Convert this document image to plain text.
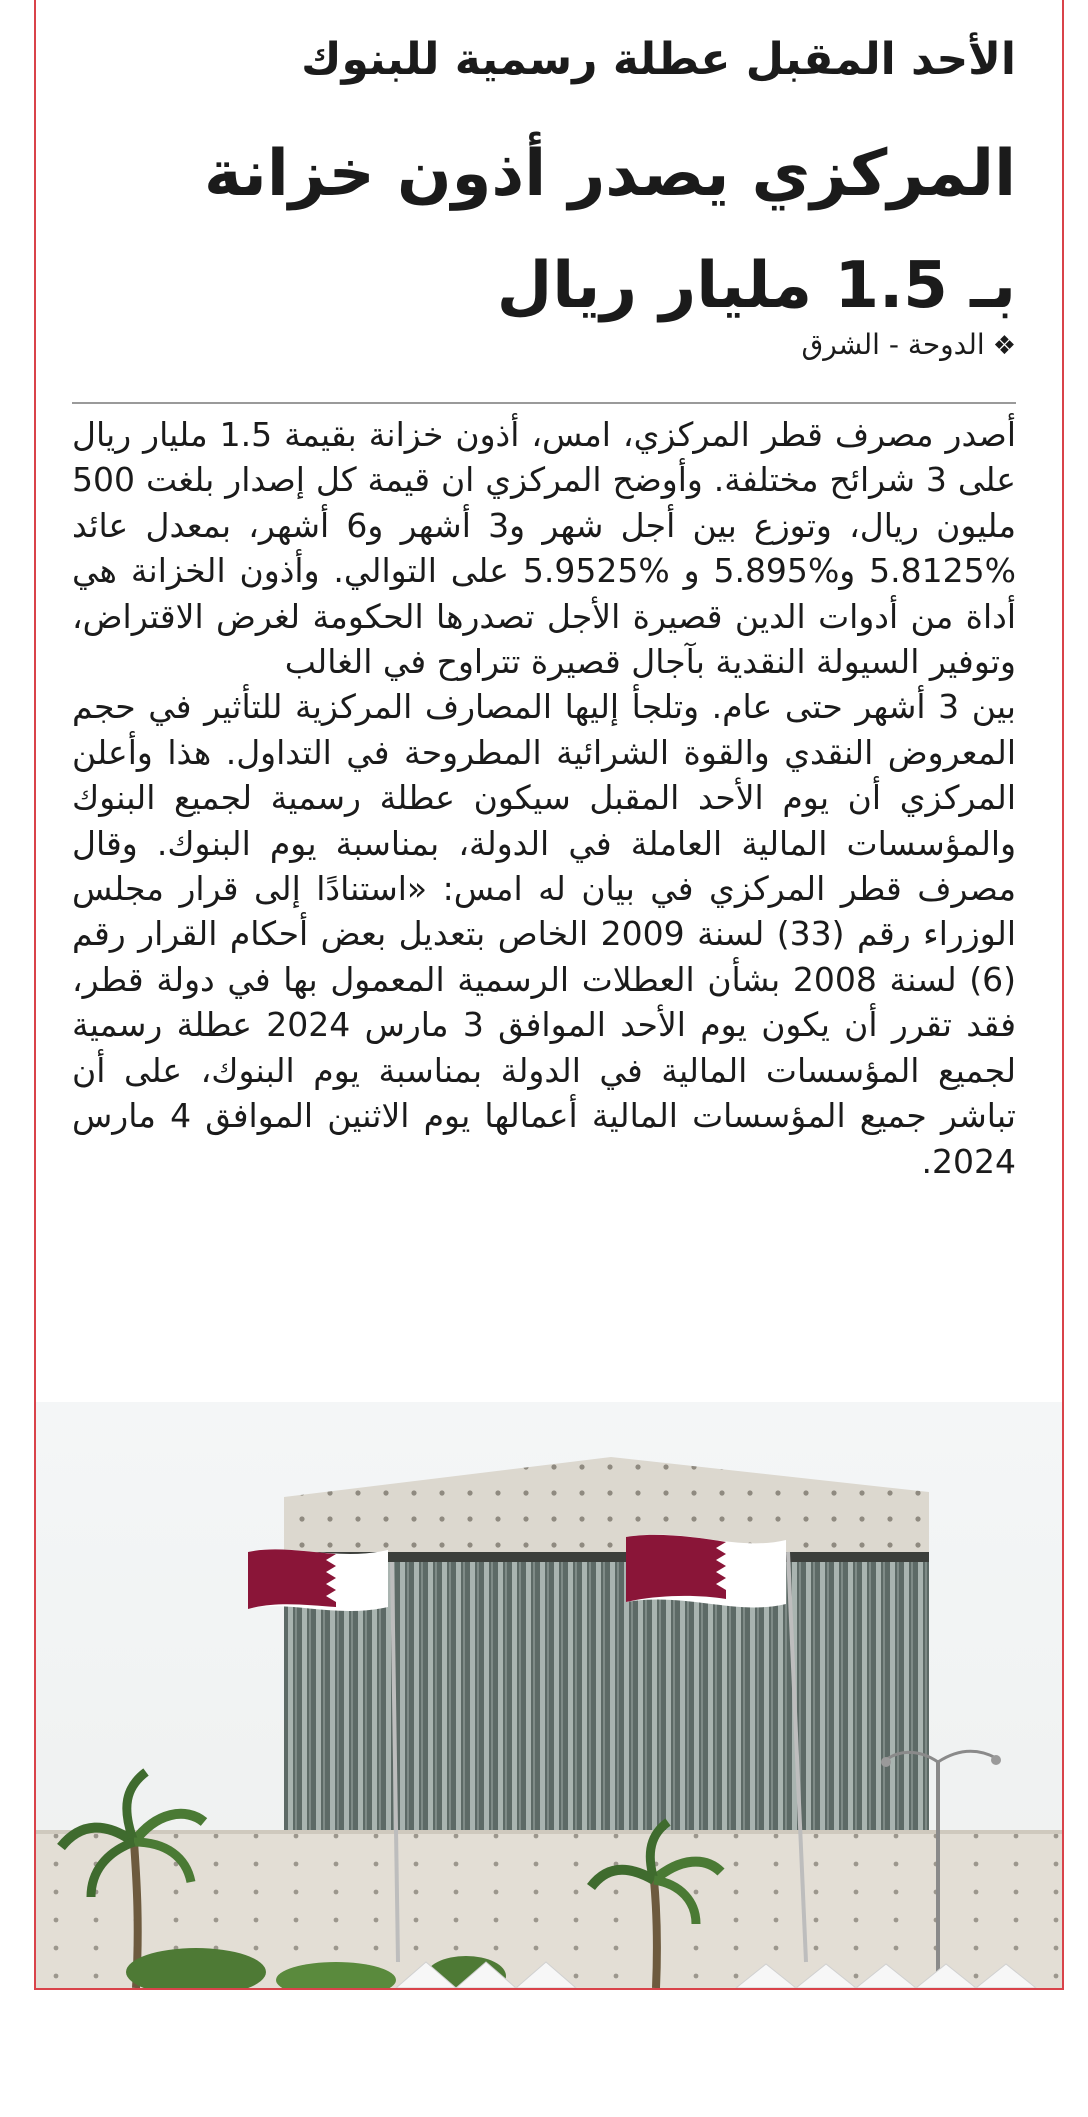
الأحد المقبل عطلة رسمية للبنوك
المركزي يصدر أذون خزانة
بـ 1.5 مليار ريال
❖الدوحة - الشرق

أصدر مصرف قطر المركزي، امس، أذون خزانة بقيمة 1.5 مليار ريال على 3 شرائح مختلفة. وأوضح المركزي ان قيمة كل إصدار بلغت 500 مليون ريال، وتوزع بين أجل شهر و3 أشهر و6 أشهر، بمعدل عائد %5.8125 و%5.895 و %5.9525 على التوالي. وأذون الخزانة هي أداة من أدوات الدين قصيرة الأجل تصدرها الحكومة لغرض الاقتراض، وتوفير السيولة النقدية بآجال قصيرة تتراوح في الغالب

بين 3 أشهر حتى عام. وتلجأ إليها المصارف المركزية للتأثير في حجم المعروض النقدي والقوة الشرائية المطروحة في التداول. هذا وأعلن المركزي أن يوم الأحد المقبل سيكون عطلة رسمية لجميع البنوك والمؤسسات المالية العاملة في الدولة، بمناسبة يوم البنوك. وقال مصرف قطر المركزي في بيان له امس: «استنادًا إلى قرار مجلس الوزراء رقم (33) لسنة 2009 الخاص بتعديل بعض أحكام القرار رقم (6) لسنة 2008 بشأن العطلات الرسمية المعمول بها في دولة قطر، فقد تقرر أن يكون يوم الأحد الموافق 3 مارس 2024 عطلة رسمية لجميع المؤسسات المالية في الدولة بمناسبة يوم البنوك، على أن تباشر جميع المؤسسات المالية أعمالها يوم الاثنين الموافق 4 مارس 2024.
